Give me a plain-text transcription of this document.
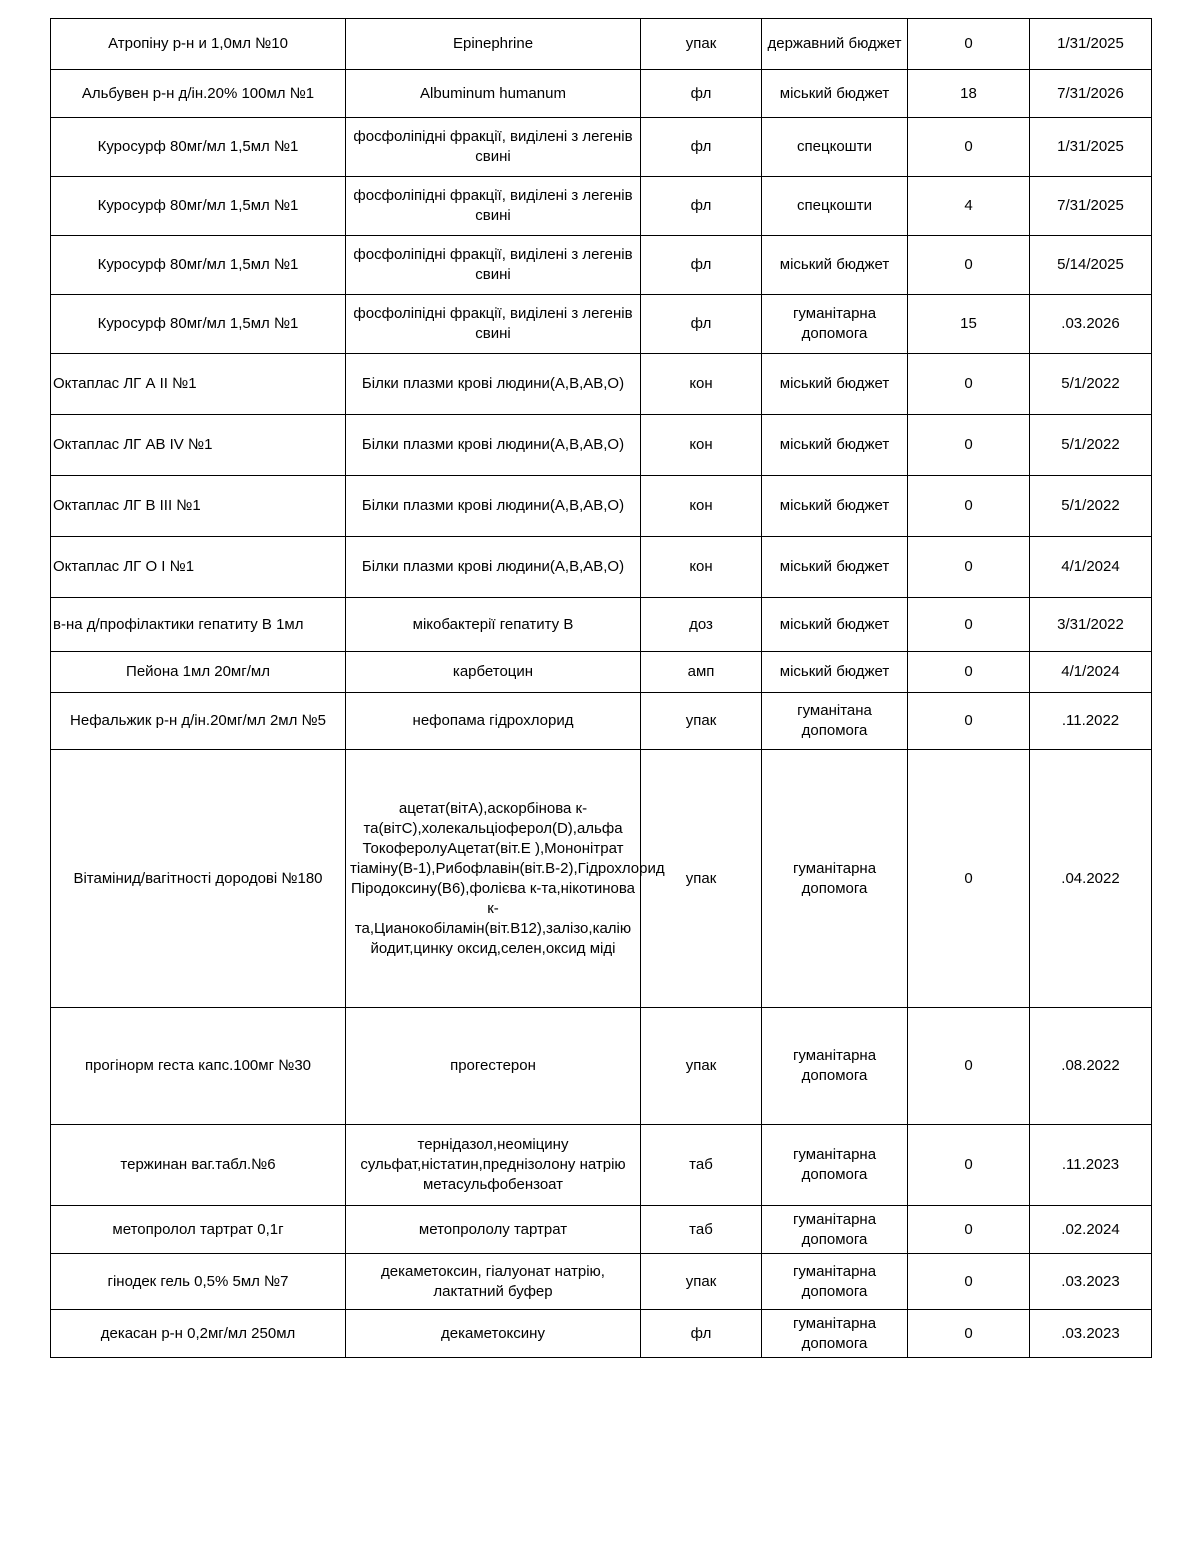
Атропіну р-н и 1,0мл №10	Epinephrine	упак	державний бюджет	0	1/31/2025
Альбувен р-н д/ін.20% 100мл №1	Albuminum humanum	фл	міський бюджет	18	7/31/2026
Куросурф 80мг/мл 1,5мл №1	фосфоліпідні фракції, виділені з легенів свині	фл	спецкошти	0	1/31/2025
Куросурф 80мг/мл 1,5мл №1	фосфоліпідні фракції, виділені з легенів свині	фл	спецкошти	4	7/31/2025
Куросурф 80мг/мл 1,5мл №1	фосфоліпідні фракції, виділені з легенів свині	фл	міський бюджет	0	5/14/2025
Куросурф 80мг/мл 1,5мл №1	фосфоліпідні фракції, виділені з легенів свині	фл	гуманітарна допомога	15	.03.2026
Октаплас ЛГ А ІІ №1	Білки плазми крові людини(А,В,АВ,О)	кон	міський бюджет	0	5/1/2022
Октаплас ЛГ АВ IV №1	Білки плазми крові людини(А,В,АВ,О)	кон	міський бюджет	0	5/1/2022
Октаплас ЛГ В ІІІ №1	Білки плазми крові людини(А,В,АВ,О)	кон	міський бюджет	0	5/1/2022
Октаплас ЛГ О І №1	Білки плазми крові людини(А,В,АВ,О)	кон	міський бюджет	0	4/1/2024
в-на д/профілактики гепатиту В 1мл	мікобактерії гепатиту В	доз	міський бюджет	0	3/31/2022
Пейона 1мл 20мг/мл	карбетоцин	амп	міський бюджет	0	4/1/2024
Нефальжик р-н д/ін.20мг/мл 2мл №5	нефопама гідрохлорид	упак	гуманітана допомога	0	.11.2022
Вітамінид/вагітності дородові №180	ацетат(вітА),аскорбінова к-та(вітС),холекальціоферол(D),альфа ТокоферолуАцетат(віт.Е ),Мононітрат тіаміну(В-1),Рибофлавін(віт.В-2),Гідрохлорид Піродоксину(В6),фолієва к-та,нікотинова к-та,Цианокобіламін(віт.В12),залізо,калію йодит,цинку оксид,селен,оксид міді	упак	гуманітарна допомога	0	.04.2022
прогінорм геста капс.100мг №30	прогестерон	упак	гуманітарна допомога	0	.08.2022
тержинан ваг.табл.№6	тернідазол,неоміцину сульфат,ністатин,преднізолону натрію метасульфобензоат	таб	гуманітарна допомога	0	.11.2023
метопролол тартрат 0,1г	метопрололу тартрат	таб	гуманітарна допомога	0	.02.2024
гінодек гель 0,5% 5мл №7	декаметоксин, гіалуонат натрію, лактатний буфер	упак	гуманітарна допомога	0	.03.2023
декасан р-н 0,2мг/мл 250мл	декаметоксину	фл	гуманітарна допомога	0	.03.2023
